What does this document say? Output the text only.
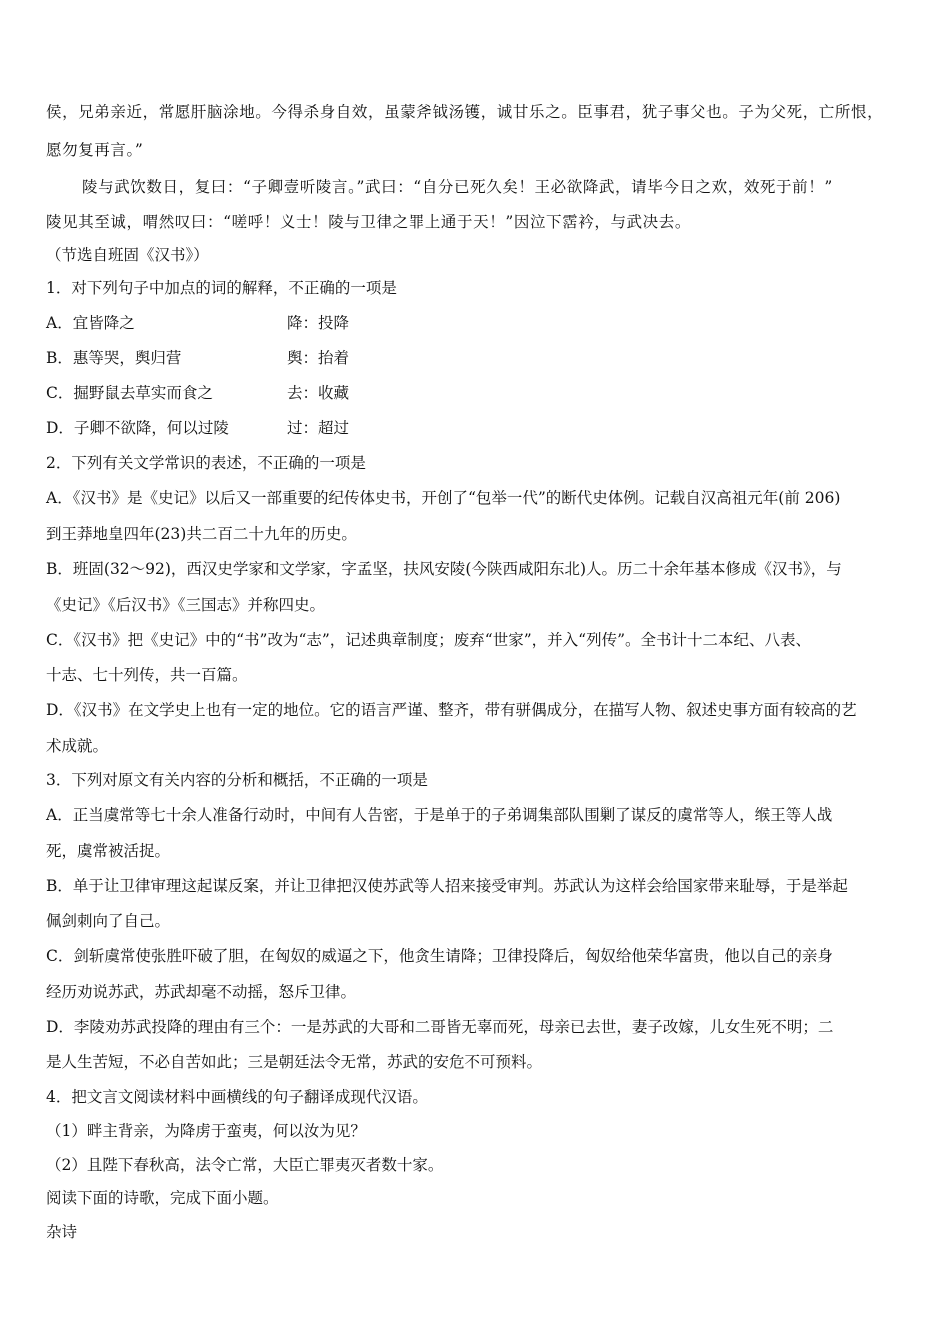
侯，兄弟亲近，常愿肝脑涂地。今得杀身自效，虽蒙斧钺汤镬，诚甘乐之。臣事君，犹子事父也。子为父死，亡所恨，
愿勿复再言。”
陵与武饮数日，复曰：“子卿壹听陵言。”武曰：“自分已死久矣！王必欲降武，请毕今日之欢，效死于前！”
陵见其至诚，喟然叹曰：“嗟呼！义士！陵与卫律之罪上通于天！”因泣下霑衿，与武决去。
（节选自班固《汉书》）
1．对下列句子中加点的词的解释，不正确的一项是
A．宜皆降之	降：投降
B．惠等哭，舆归营	舆：抬着
C．掘野鼠去草实而食之	去：收藏
D．子卿不欲降，何以过陵	过：超过
2．下列有关文学常识的表述，不正确的一项是
A．《汉书》是《史记》以后又一部重要的纪传体史书，开创了“包举一代”的断代史体例。记载自汉高祖元年(前 206)
到王莽地皇四年(23)共二百二十九年的历史。
B．班固(32～92)，西汉史学家和文学家，字孟坚，扶风安陵(今陕西咸阳东北)人。历二十余年基本修成《汉书》，与
《史记》《后汉书》《三国志》并称四史。
C．《汉书》把《史记》中的“书”改为“志”，记述典章制度；废弃“世家”，并入“列传”。全书计十二本纪、八表、
十志、七十列传，共一百篇。
D．《汉书》在文学史上也有一定的地位。它的语言严谨、整齐，带有骈偶成分，在描写人物、叙述史事方面有较高的艺
术成就。
3．下列对原文有关内容的分析和概括，不正确的一项是
A．正当虞常等七十余人准备行动时，中间有人告密，于是单于的子弟调集部队围剿了谋反的虞常等人，缑王等人战
死，虞常被活捉。
B．单于让卫律审理这起谋反案，并让卫律把汉使苏武等人招来接受审判。苏武认为这样会给国家带来耻辱，于是举起
佩剑刺向了自己。
C．剑斩虞常使张胜吓破了胆，在匈奴的威逼之下，他贪生请降；卫律投降后，匈奴给他荣华富贵，他以自己的亲身
经历劝说苏武，苏武却毫不动摇，怒斥卫律。
D．李陵劝苏武投降的理由有三个：一是苏武的大哥和二哥皆无辜而死，母亲已去世，妻子改嫁，儿女生死不明；二
是人生苦短，不必自苦如此；三是朝廷法令无常，苏武的安危不可预料。
4．把文言文阅读材料中画横线的句子翻译成现代汉语。
（1）畔主背亲，为降虏于蛮夷，何以汝为见？
（2）且陛下春秋高，法令亡常，大臣亡罪夷灭者数十家。
阅读下面的诗歌，完成下面小题。
杂诗
